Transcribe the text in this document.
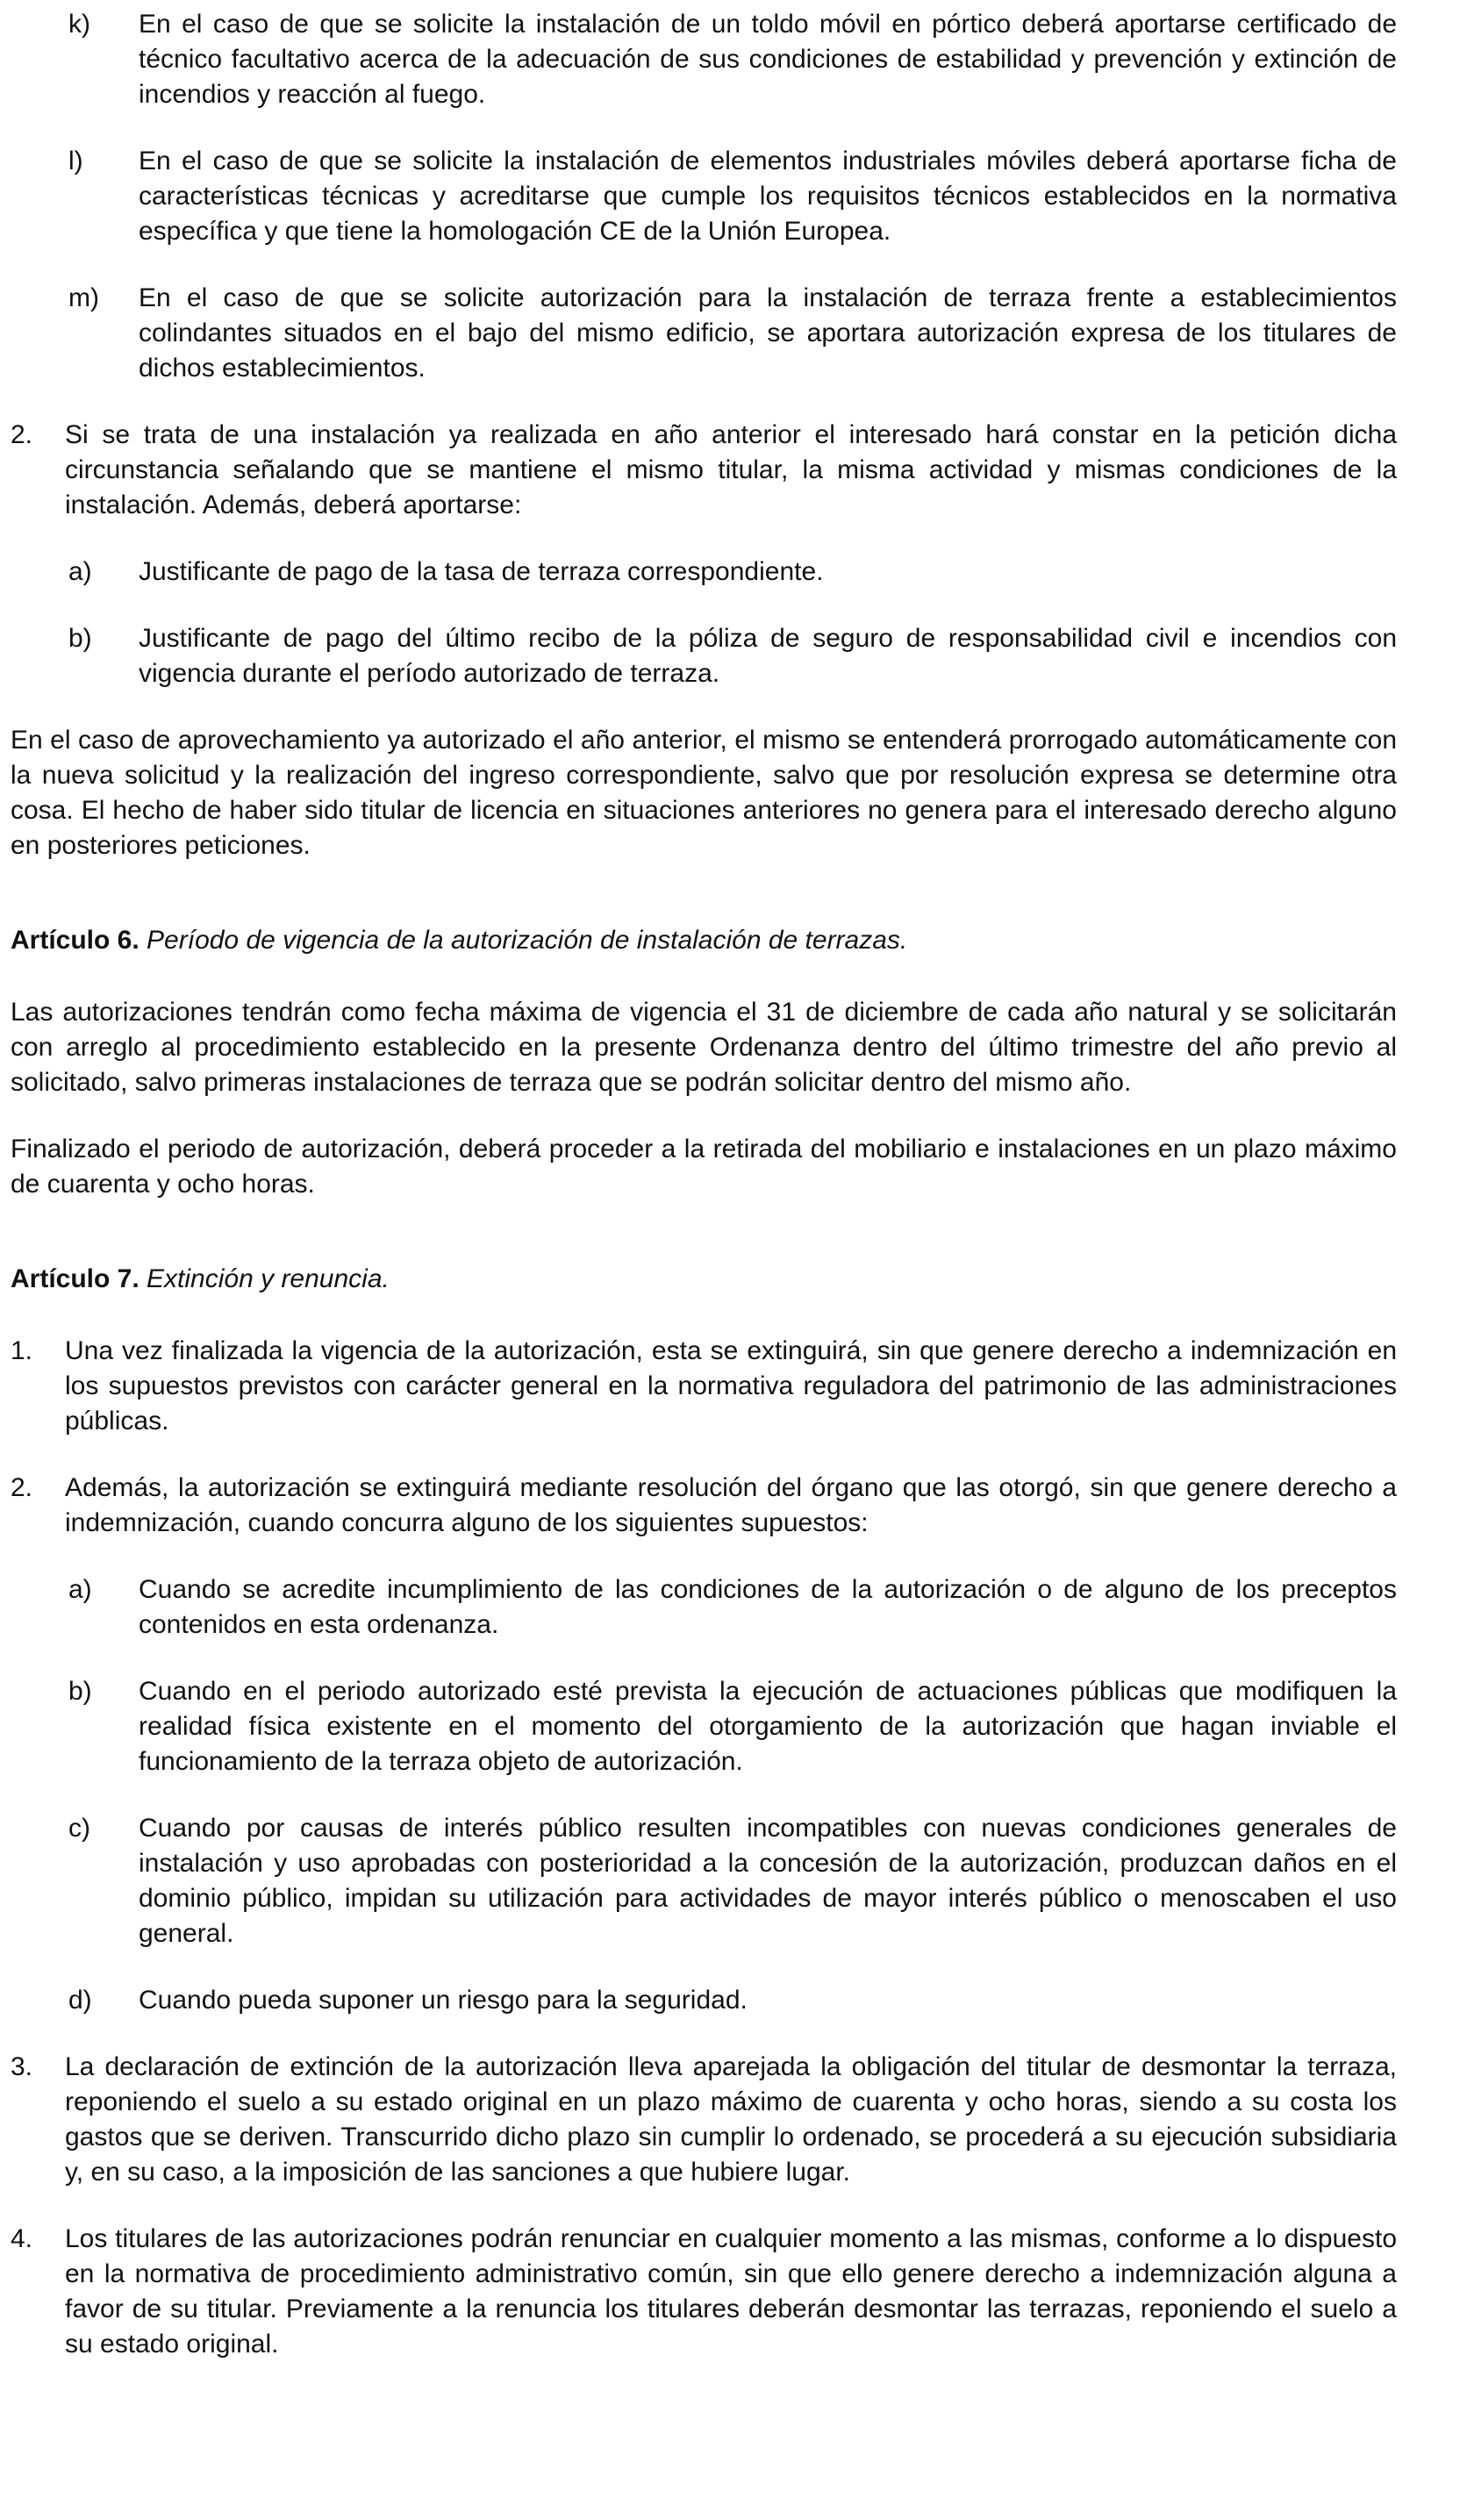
k)	En el caso de que se solicite la instalación de un toldo móvil en pórtico deberá aportarse certificado de técnico facultativo acerca de la adecuación de sus condiciones de estabilidad y prevención y extinción de incendios y reacción al fuego.
l)	En el caso de que se solicite la instalación de elementos industriales móviles deberá aportarse ficha de características técnicas y acreditarse que cumple los requisitos técnicos establecidos en la normativa específica y que tiene la homologación CE de la Unión Europea.
m)	En el caso de que se solicite autorización para la instalación de terraza frente a establecimientos colindantes situados en el bajo del mismo edificio, se aportara autorización expresa de los titulares de dichos establecimientos.
2.	Si se trata de una instalación ya realizada en año anterior el interesado hará constar en la petición dicha circunstancia señalando que se mantiene el mismo titular, la misma actividad y mismas condiciones de la instalación. Además, deberá aportarse:
a)	Justificante de pago de la tasa de terraza correspondiente.
b)	Justificante de pago del último recibo de la póliza de seguro de responsabilidad civil e incendios con vigencia durante el período autorizado de terraza.

En el caso de aprovechamiento ya autorizado el año anterior, el mismo se entenderá prorrogado automáticamente con la nueva solicitud y la realización del ingreso correspondiente, salvo que por resolución expresa se determine otra cosa. El hecho de haber sido titular de licencia en situaciones anteriores no genera para el interesado derecho alguno en posteriores peticiones.

Artículo 6. Período de vigencia de la autorización de instalación de terrazas.

Las autorizaciones tendrán como fecha máxima de vigencia el 31 de diciembre de cada año natural y se solicitarán con arreglo al procedimiento establecido en la presente Ordenanza dentro del último trimestre del año previo al solicitado, salvo primeras instalaciones de terraza que se podrán solicitar dentro del mismo año.

Finalizado el periodo de autorización, deberá proceder a la retirada del mobiliario e instalaciones en un plazo máximo de cuarenta y ocho horas.

Artículo 7. Extinción y renuncia.

1.	Una vez finalizada la vigencia de la autorización, esta se extinguirá, sin que genere derecho a indemnización en los supuestos previstos con carácter general en la normativa reguladora del patrimonio de las administraciones públicas.
2.	Además, la autorización se extinguirá mediante resolución del órgano que las otorgó, sin que genere derecho a indemnización, cuando concurra alguno de los siguientes supuestos:
a)	Cuando se acredite incumplimiento de las condiciones de la autorización o de alguno de los preceptos contenidos en esta ordenanza.
b)	Cuando en el periodo autorizado esté prevista la ejecución de actuaciones públicas que modifiquen la realidad física existente en el momento del otorgamiento de la autorización que hagan inviable el funcionamiento de la terraza objeto de autorización.
c)	Cuando por causas de interés público resulten incompatibles con nuevas condiciones generales de instalación y uso aprobadas con posterioridad a la concesión de la autorización, produzcan daños en el dominio público, impidan su utilización para actividades de mayor interés público o menoscaben el uso general.
d)	Cuando pueda suponer un riesgo para la seguridad.
3.	La declaración de extinción de la autorización lleva aparejada la obligación del titular de desmontar la terraza, reponiendo el suelo a su estado original en un plazo máximo de cuarenta y ocho horas, siendo a su costa los gastos que se deriven. Transcurrido dicho plazo sin cumplir lo ordenado, se procederá a su ejecución subsidiaria y, en su caso, a la imposición de las sanciones a que hubiere lugar.
4.	Los titulares de las autorizaciones podrán renunciar en cualquier momento a las mismas, conforme a lo dispuesto en la normativa de procedimiento administrativo común, sin que ello genere derecho a indemnización alguna a favor de su titular. Previamente a la renuncia los titulares deberán desmontar las terrazas, reponiendo el suelo a su estado original.
